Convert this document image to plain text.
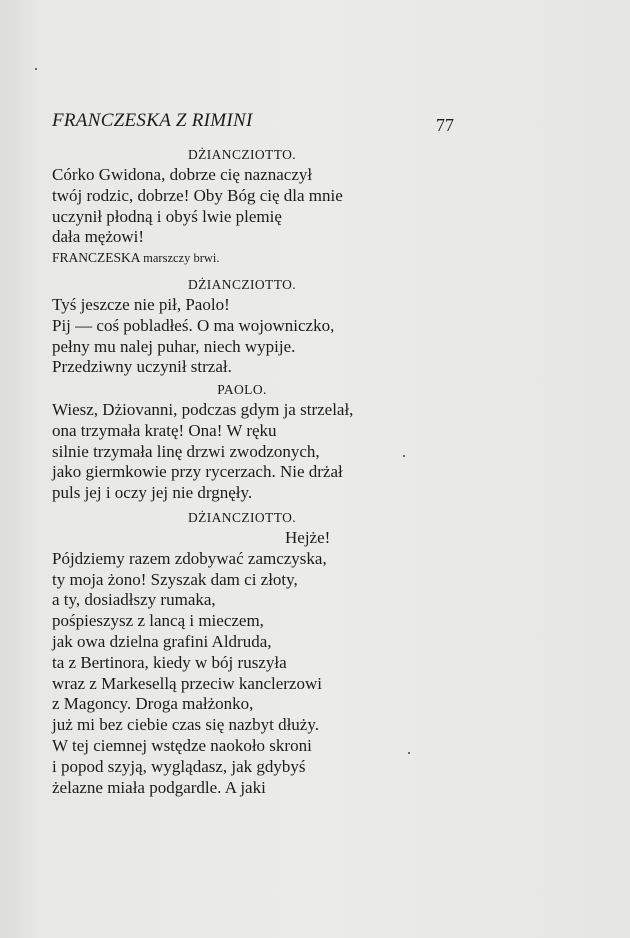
FRANCZESKA Z RIMINI	77
DŻIANCZIOTTO.
Córko Gwidona, dobrze cię naznaczył
twój rodzic, dobrze! Oby Bóg cię dla mnie
uczynił płodną i obyś lwie plemię
dała mężowi!
FRANCZESKA marszczy brwi.
DŻIANCZIOTTO.
Tyś jeszcze nie pił, Paolo!
Pij — coś pobladłeś. O ma wojowniczko,
pełny mu nalej puhar, niech wypije.
Przedziwny uczynił strzał.
PAOLO.
Wiesz, Dżiovanni, podczas gdym ja strzelał,
ona trzymała kratę! Ona! W ręku
silnie trzymała linę drzwi zwodzonych,
jako giermkowie przy rycerzach. Nie drżał
puls jej i oczy jej nie drgnęły.
DŻIANCZIOTTO.
Hejże!
Pójdziemy razem zdobywać zamczyska,
ty moja żono! Szyszak dam ci złoty,
a ty, dosiadłszy rumaka,
pośpieszysz z lancą i mieczem,
jak owa dzielna grafini Aldruda,
ta z Bertinora, kiedy w bój ruszyła
wraz z Markesellą przeciw kanclerzowi
z Magoncy. Droga małżonko,
już mi bez ciebie czas się nazbyt dłuży.
W tej ciemnej wstędze naokoło skroni
i popod szyją, wyglądasz, jak gdybyś
żelazne miała podgardle. A jaki
